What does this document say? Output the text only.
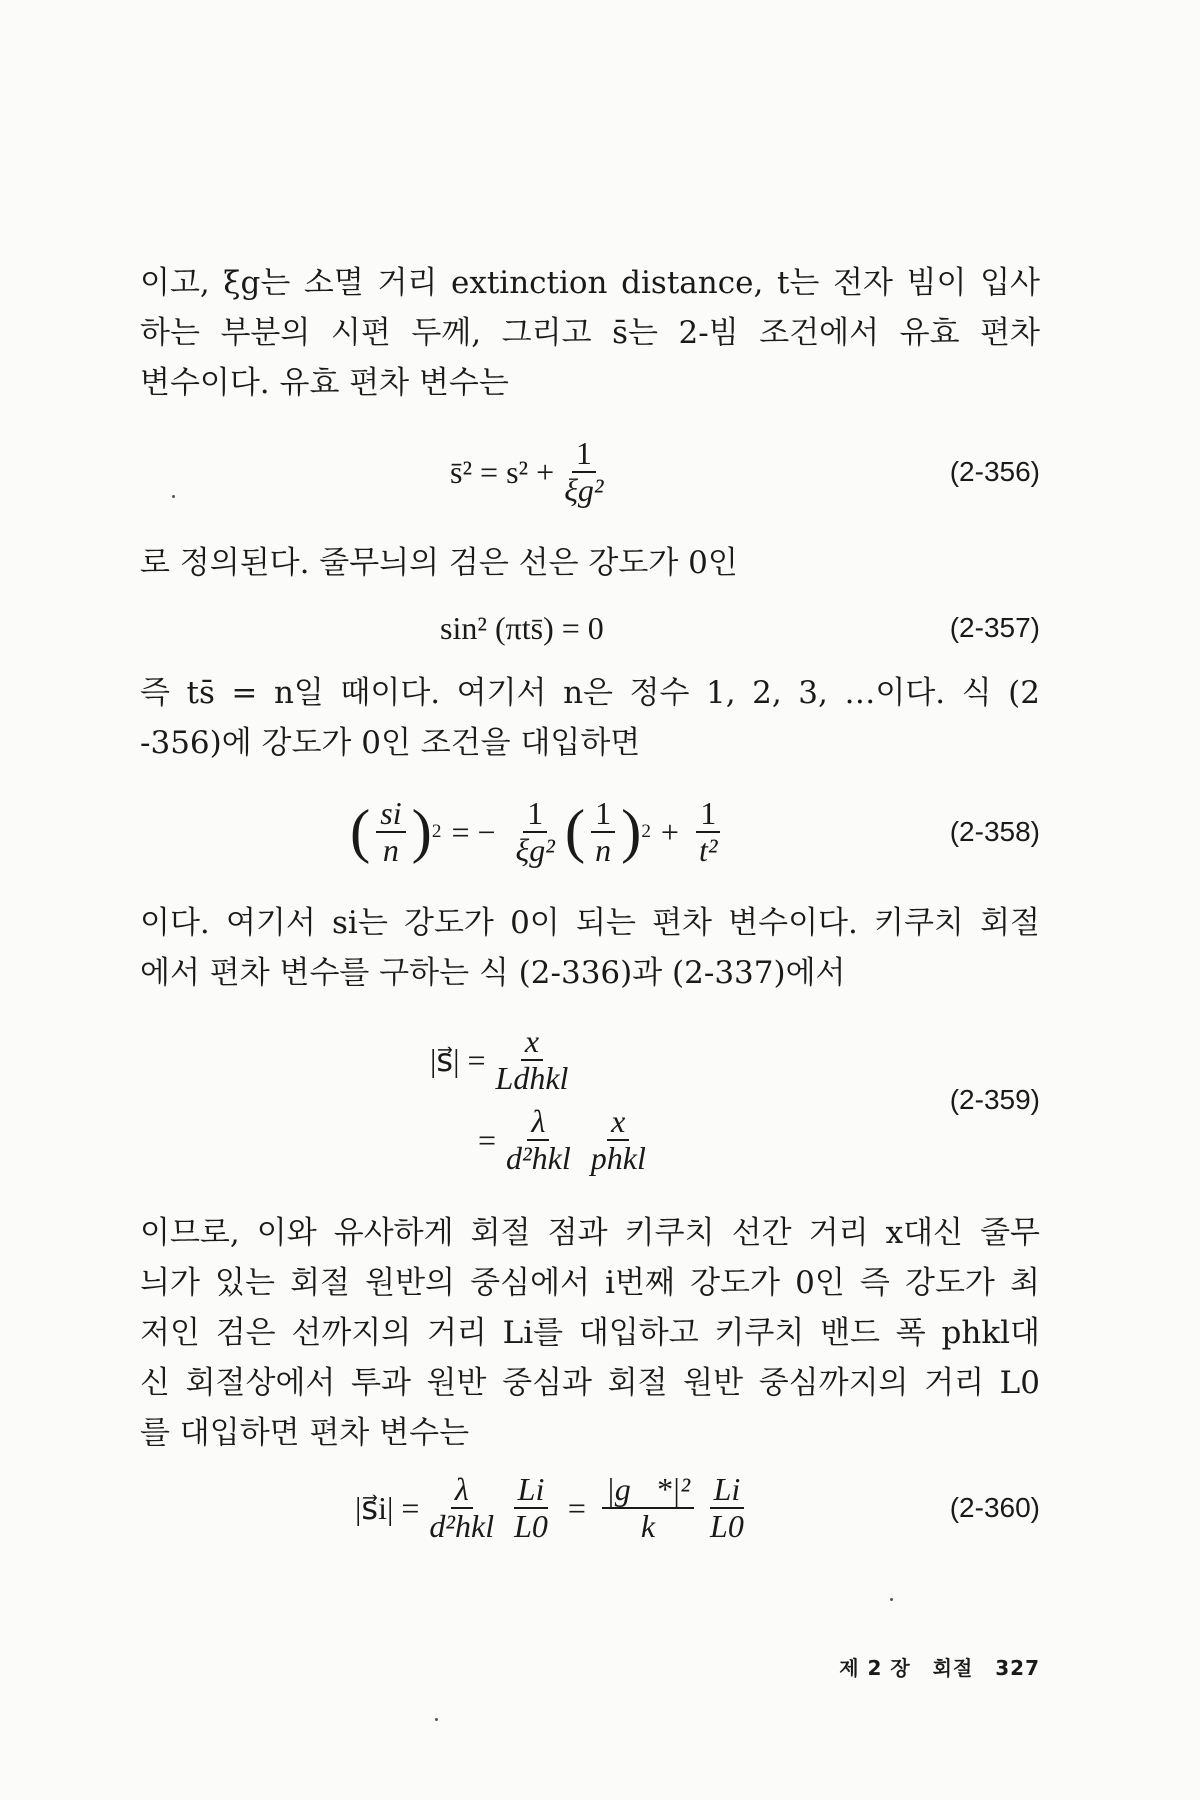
이고, ξg는 소멸 거리 extinction distance, t는 전자 빔이 입사
하는 부분의 시편 두께, 그리고 s̄는 2-빔 조건에서 유효 편차
변수이다. 유효 편차 변수는
s̄² = $s^2 + \frac{1}{\text{ξg²}}$	(2-356)
로 정의된다. 줄무늬의 검은 선은 강도가 0인
sin² (πts̄) = 0	(2-357)
즉 ts̄ = n일 때이다. 여기서 n은 정수 1, 2, 3, …이다. 식 (2
-356)에 강도가 0인 조건을 대입하면
( $\frac{si}{n}$ ) 2 = − $\frac{1}{\text{ξg²}}$ ( $\frac{1}{n}$ ) $2 + \frac{1}{\text{t²}}$	(2-358)
이다. 여기서 si는 강도가 0이 되는 편차 변수이다. 키쿠치 회절
에서 편차 변수를 구하는 식 (2-336)과 (2-337)에서
|s⃗| = $\frac{x}{\text{Ldhkl}}$
= $\frac{\lambda}{\text{d²hkl}} \frac{x}{\text{phkl}}$
(2-359)
이므로, 이와 유사하게 회절 점과 키쿠치 선간 거리 x대신 줄무
늬가 있는 회절 원반의 중심에서 i번째 강도가 0인 즉 강도가 최
저인 검은 선까지의 거리 Li를 대입하고 키쿠치 밴드 폭 phkl대
신 회절상에서 투과 원반 중심과 회절 원반 중심까지의 거리 L0
를 대입하면 편차 변수는
|s⃗i| = $\frac{\lambda}{\text{d²hkl}} \frac{Li}{L0} = \frac{\text{|g⃗*|²}}{k} \frac{Li}{L0}$	(2-360)
제 2 장 회절 327
